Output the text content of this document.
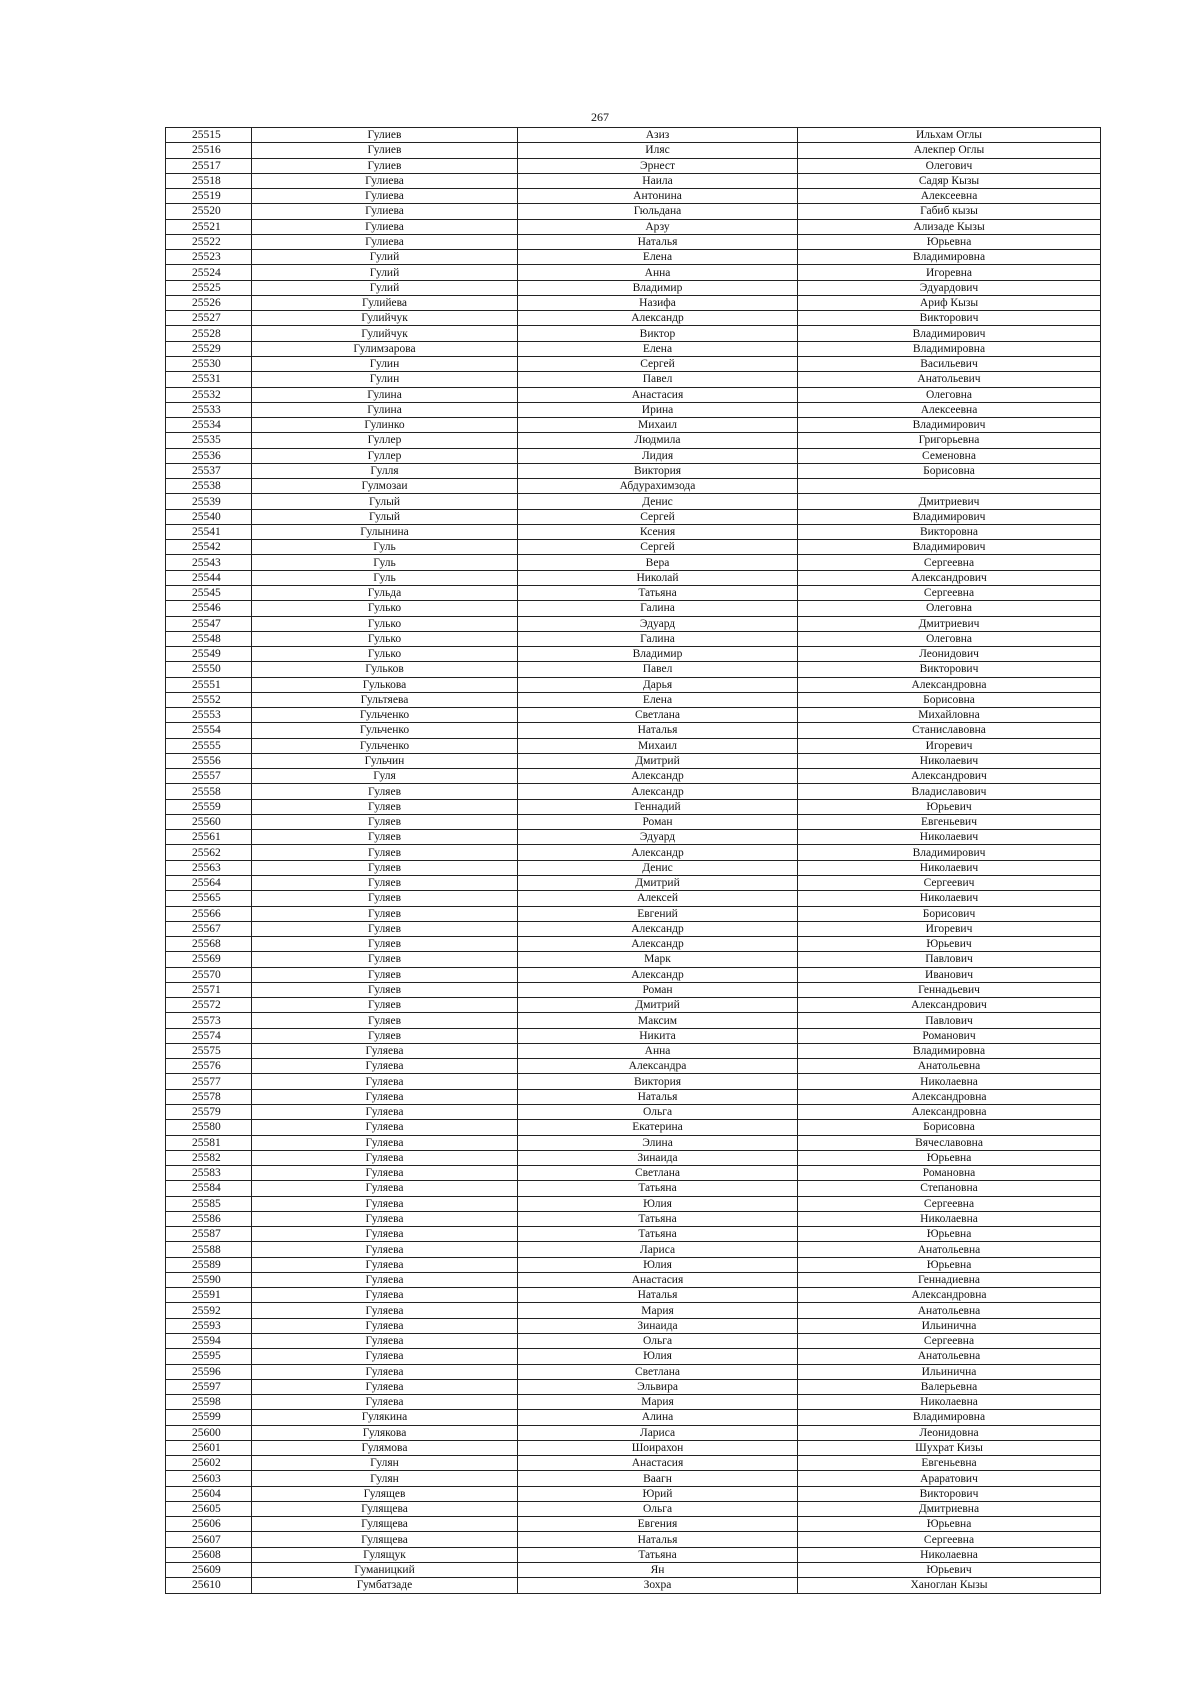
267
25515	Гулиев	Азиз	Ильхам Оглы
25516	Гулиев	Иляс	Алекпер Оглы
25517	Гулиев	Эрнест	Олегович
25518	Гулиева	Наила	Садяр Кызы
25519	Гулиева	Антонина	Алексеевна
25520	Гулиева	Гюльдана	Габиб кызы
25521	Гулиева	Арзу	Ализаде Кызы
25522	Гулиева	Наталья	Юрьевна
25523	Гулий	Елена	Владимировна
25524	Гулий	Анна	Игоревна
25525	Гулий	Владимир	Эдуардович
25526	Гулийева	Назифа	Ариф Кызы
25527	Гулийчук	Александр	Викторович
25528	Гулийчук	Виктор	Владимирович
25529	Гулимзарова	Елена	Владимировна
25530	Гулин	Сергей	Васильевич
25531	Гулин	Павел	Анатольевич
25532	Гулина	Анастасия	Олеговна
25533	Гулина	Ирина	Алексеевна
25534	Гулинко	Михаил	Владимирович
25535	Гуллер	Людмила	Григорьевна
25536	Гуллер	Лидия	Семеновна
25537	Гулля	Виктория	Борисовна
25538	Гулмозаи	Абдурахимзода	
25539	Гулый	Денис	Дмитриевич
25540	Гулый	Сергей	Владимирович
25541	Гулынина	Ксения	Викторовна
25542	Гуль	Сергей	Владимирович
25543	Гуль	Вера	Сергеевна
25544	Гуль	Николай	Александрович
25545	Гульда	Татьяна	Сергеевна
25546	Гулько	Галина	Олеговна
25547	Гулько	Эдуард	Дмитриевич
25548	Гулько	Галина	Олеговна
25549	Гулько	Владимир	Леонидович
25550	Гульков	Павел	Викторович
25551	Гулькова	Дарья	Александровна
25552	Гультяева	Елена	Борисовна
25553	Гульченко	Светлана	Михайловна
25554	Гульченко	Наталья	Станиславовна
25555	Гульченко	Михаил	Игоревич
25556	Гульчин	Дмитрий	Николаевич
25557	Гуля	Александр	Александрович
25558	Гуляев	Александр	Владиславович
25559	Гуляев	Геннадий	Юрьевич
25560	Гуляев	Роман	Евгеньевич
25561	Гуляев	Эдуард	Николаевич
25562	Гуляев	Александр	Владимирович
25563	Гуляев	Денис	Николаевич
25564	Гуляев	Дмитрий	Сергеевич
25565	Гуляев	Алексей	Николаевич
25566	Гуляев	Евгений	Борисович
25567	Гуляев	Александр	Игоревич
25568	Гуляев	Александр	Юрьевич
25569	Гуляев	Марк	Павлович
25570	Гуляев	Александр	Иванович
25571	Гуляев	Роман	Геннадьевич
25572	Гуляев	Дмитрий	Александрович
25573	Гуляев	Максим	Павлович
25574	Гуляев	Никита	Романович
25575	Гуляева	Анна	Владимировна
25576	Гуляева	Александра	Анатольевна
25577	Гуляева	Виктория	Николаевна
25578	Гуляева	Наталья	Александровна
25579	Гуляева	Ольга	Александровна
25580	Гуляева	Екатерина	Борисовна
25581	Гуляева	Элина	Вячеславовна
25582	Гуляева	Зинаида	Юрьевна
25583	Гуляева	Светлана	Романовна
25584	Гуляева	Татьяна	Степановна
25585	Гуляева	Юлия	Сергеевна
25586	Гуляева	Татьяна	Николаевна
25587	Гуляева	Татьяна	Юрьевна
25588	Гуляева	Лариса	Анатольевна
25589	Гуляева	Юлия	Юрьевна
25590	Гуляева	Анастасия	Геннадиевна
25591	Гуляева	Наталья	Александровна
25592	Гуляева	Мария	Анатольевна
25593	Гуляева	Зинаида	Ильинична
25594	Гуляева	Ольга	Сергеевна
25595	Гуляева	Юлия	Анатольевна
25596	Гуляева	Светлана	Ильинична
25597	Гуляева	Эльвира	Валерьевна
25598	Гуляева	Мария	Николаевна
25599	Гулякина	Алина	Владимировна
25600	Гулякова	Лариса	Леонидовна
25601	Гулямова	Шоирахон	Шухрат Кизы
25602	Гулян	Анастасия	Евгеньевна
25603	Гулян	Ваагн	Араратович
25604	Гулящев	Юрий	Викторович
25605	Гулящева	Ольга	Дмитриевна
25606	Гулящева	Евгения	Юрьевна
25607	Гулящева	Наталья	Сергеевна
25608	Гулящук	Татьяна	Николаевна
25609	Гуманицкий	Ян	Юрьевич
25610	Гумбатзаде	Зохра	Ханоглан Кызы
